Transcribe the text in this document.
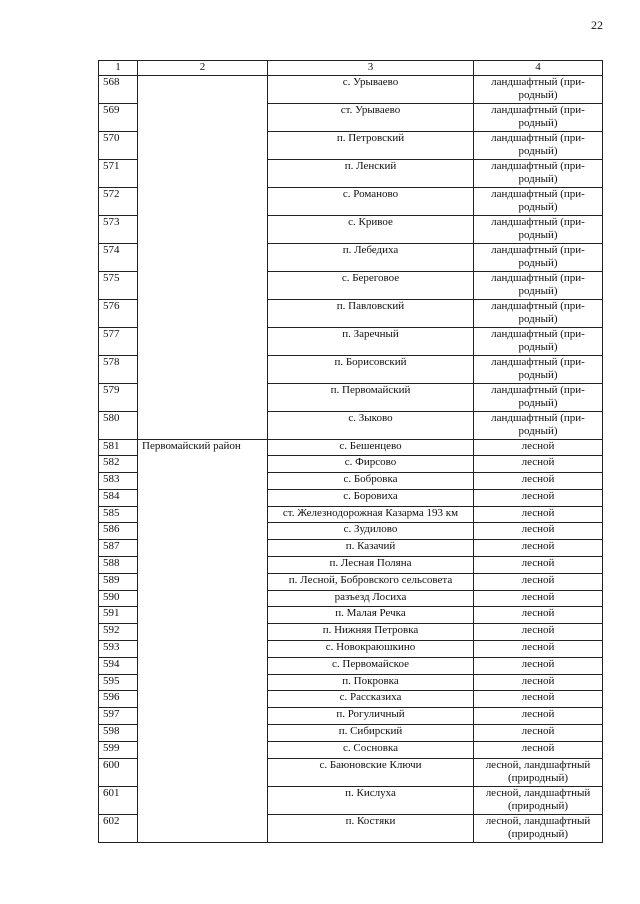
22
1	2	3	4
568		с. Урываево	ландшафтный (при-родный)
569		ст. Урываево	ландшафтный (при-родный)
570		п. Петровский	ландшафтный (при-родный)
571		п. Ленский	ландшафтный (при-родный)
572		с. Романово	ландшафтный (при-родный)
573		с. Кривое	ландшафтный (при-родный)
574		п. Лебедиха	ландшафтный (при-родный)
575		с. Береговое	ландшафтный (при-родный)
576		п. Павловский	ландшафтный (при-родный)
577		п. Заречный	ландшафтный (при-родный)
578		п. Борисовский	ландшафтный (при-родный)
579		п. Первомайский	ландшафтный (при-родный)
580		с. Зыково	ландшафтный (при-родный)
581	Первомайский район	с. Бешенцево	лесной
582		с. Фирсово	лесной
583		с. Бобровка	лесной
584		с. Боровиха	лесной
585		ст. Железнодорожная Казарма 193 км	лесной
586		с. Зудилово	лесной
587		п. Казачий	лесной
588		п. Лесная Поляна	лесной
589		п. Лесной, Бобровского сельсовета	лесной
590		разъезд Лосиха	лесной
591		п. Малая Речка	лесной
592		п. Нижняя Петровка	лесной
593		с. Новокраюшкино	лесной
594		с. Первомайское	лесной
595		п. Покровка	лесной
596		с. Рассказиха	лесной
597		п. Рогуличный	лесной
598		п. Сибирский	лесной
599		с. Сосновка	лесной
600		с. Баюновские Ключи	лесной, ландшафтный (природный)
601		п. Кислуха	лесной, ландшафтный (природный)
602		п. Костяки	лесной, ландшафтный (природный)
